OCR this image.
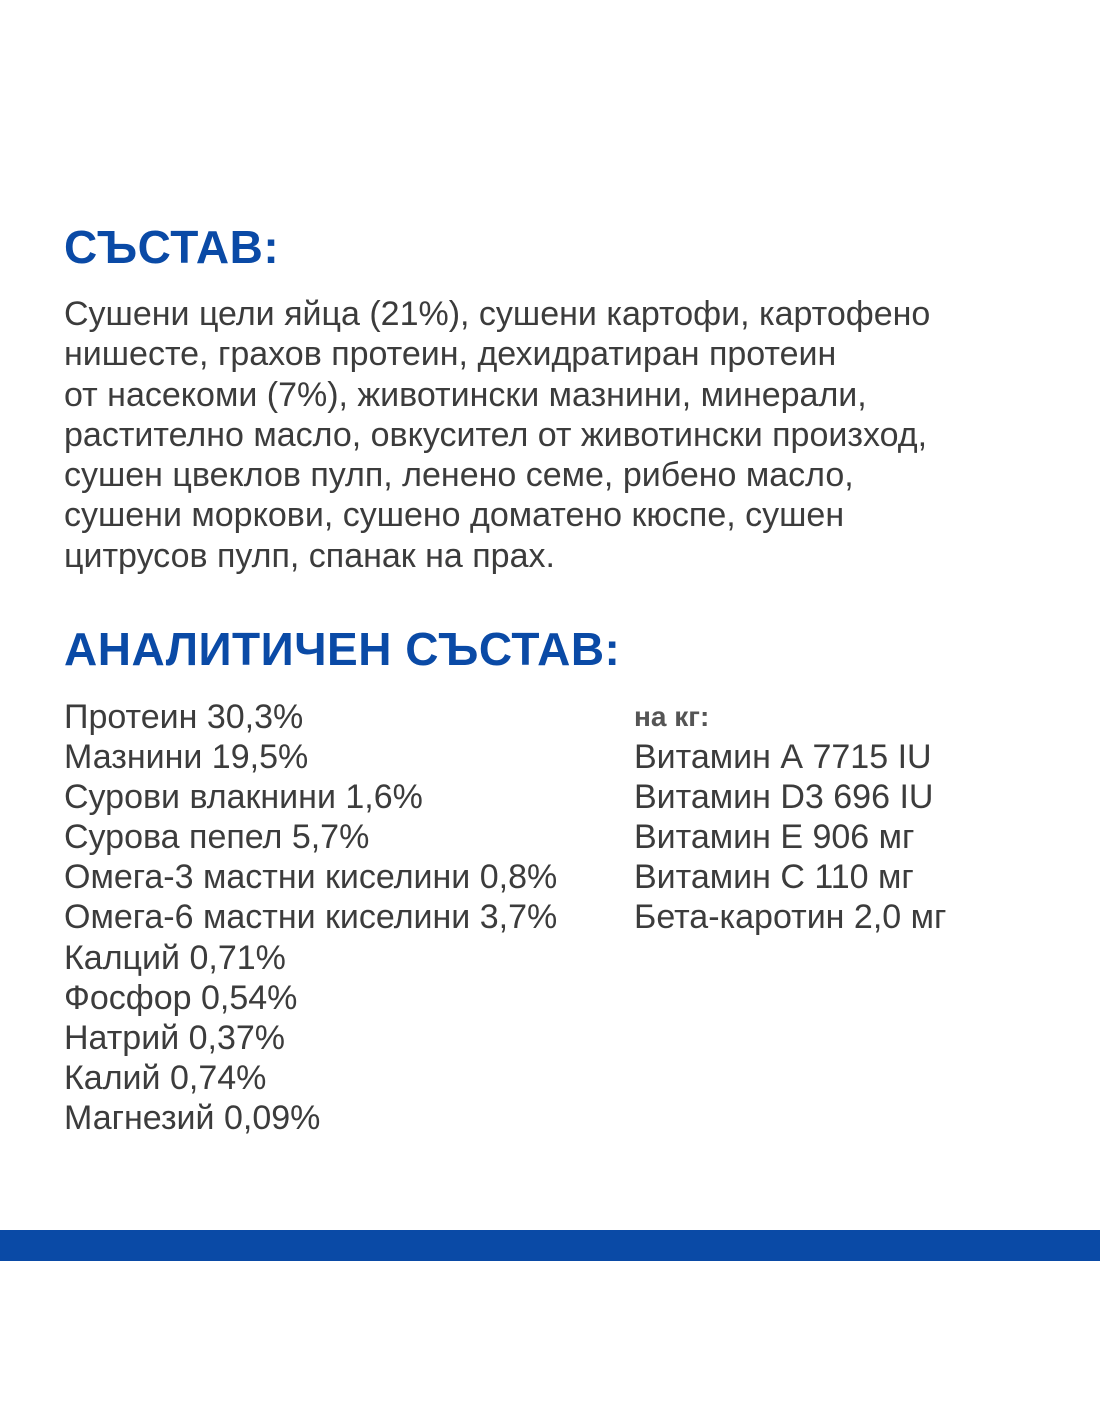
СЪСТАВ:

Сушени цели яйца (21%), сушени картофи, картофено
нишесте, грахов протеин, дехидратиран протеин
от насекоми (7%), животински мазнини, минерали,
растително масло, овкусител от животински произход,
сушен цвеклов пулп, ленено семе, рибено масло,
сушени моркови, сушено доматено кюспе, сушен
цитрусов пулп, спанак на прах.

АНАЛИТИЧЕН СЪСТАВ:
Протеин 30,3%
Мазнини 19,5%
Сурови влакнини 1,6%
Сурова пепел 5,7%
Омега-3 мастни киселини 0,8%
Омега-6 мастни киселини 3,7%
Калций 0,71%
Фосфор 0,54%
Натрий 0,37%
Калий 0,74%
Магнезий 0,09%
на кг:
Витамин А 7715 IU
Витамин D3 696 IU
Витамин Е 906 мг
Витамин С 110 мг
Бета-каротин 2,0 мг
